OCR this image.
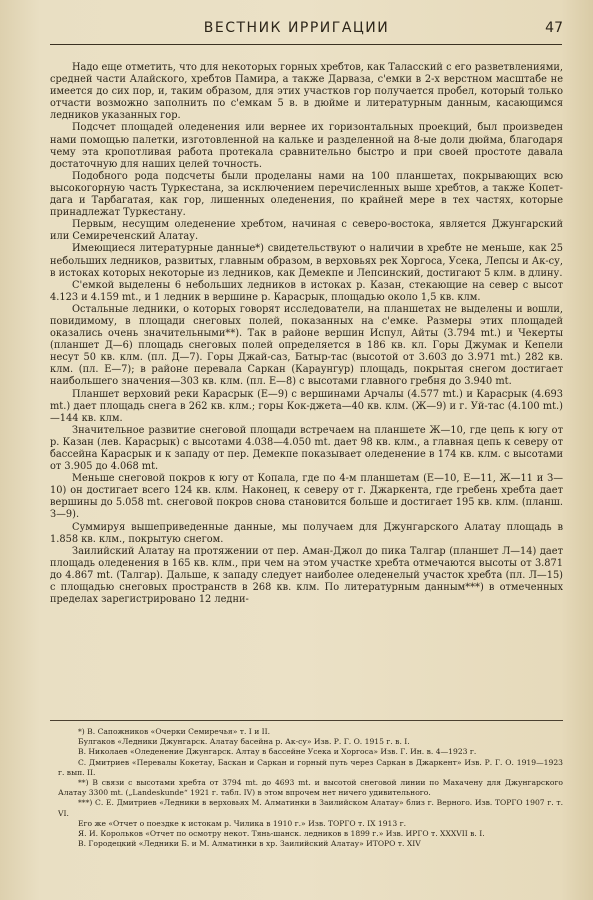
ВЕСТНИК ИРРИГАЦИИ	47

Надо еще отметить, что для некоторых горных хребтов, как Таласский с его разветвлениями, средней части Алайского, хребтов Памира, а также Дарваза, с'емки в 2-х верстном масштабе не имеется до сих пор, и, таким образом, для этих участков гор получается пробел, который только отчасти возможно заполнить по с'емкам 5 в. в дюйме и литературным данным, касающимся ледников указанных гор.

Подсчет площадей оледенения или вернее их горизонтальных проекций, был произведен нами помощью палетки, изготовленной на кальке и разделенной на 8-ые доли дюйма, благодаря чему эта кропотливая работа протекала сравнительно быстро и при своей простоте давала достаточную для наших целей точность.

Подобного рода подсчеты были проделаны нами на 100 планшетах, покрывающих всю высокогорную часть Туркестана, за исключением перечисленных выше хребтов, а также Копет-дага и Тарбагатая, как гор, лишенных оледенения, по крайней мере в тех частях, которые принадлежат Туркестану.

Первым, несущим оледенение хребтом, начиная с северо-востока, является Джунгарский или Семиреченский Алатау.

Имеющиеся литературные данные*) свидетельствуют о наличии в хребте не меньше, как 25 небольших ледников, развитых, главным образом, в верховьях рек Хоргоса, Усека, Лепсы и Ак-су, в истоках которых некоторые из ледников, как Демекпе и Лепсинский, достигают 5 клм. в длину.

С'емкой выделены 6 небольших ледников в истоках р. Казан, стекающие на север с высот 4.123 и 4.159 mt., и 1 ледник в вершине р. Карасрык, площадью около 1,5 кв. клм.

Остальные ледники, о которых говорят исследователи, на планшетах не выделены и вошли, повидимому, в площади снеговых полей, показанных на с'емке. Размеры этих площадей оказались очень значительными**). Так в районе вершин Испул, Айты (3.794 mt.) и Чекерты (планшет Д—6) площадь снеговых полей определяется в 186 кв. кл. Горы Джумак и Кепели несут 50 кв. клм. (пл. Д—7). Горы Джай-саз, Батыр-тас (высотой от 3.603 до 3.971 mt.) 282 кв. клм. (пл. Е—7); в районе перевала Саркан (Караунгур) площадь, покрытая снегом достигает наибольшего значения—303 кв. клм. (пл. Е—8) с высотами главного гребня до 3.940 mt.

Планшет верховий реки Карасрык (Е—9) с вершинами Арчалы (4.577 mt.) и Карасрык (4.693 mt.) дает площадь снега в 262 кв. клм.; горы Кок-джета—40 кв. клм. (Ж—9) и г. Уй-тас (4.100 mt.)—144 кв. клм.

Значительное развитие снеговой площади встречаем на планшете Ж—10, где цепь к югу от р. Казан (лев. Карасрык) с высотами 4.038—4.050 mt. дает 98 кв. клм., а главная цепь к северу от бассейна Карасрык и к западу от пер. Демекпе показывает оледенение в 174 кв. клм. с высотами от 3.905 до 4.068 mt.

Меньше снеговой покров к югу от Копала, где по 4-м планшетам (Е—10, Е—11, Ж—11 и З—10) он достигает всего 124 кв. клм. Наконец, к северу от г. Джаркента, где гребень хребта дает вершины до 5.058 mt. снеговой покров снова становится больше и достигает 195 кв. клм. (планш. З—9).

Суммируя вышеприведенные данные, мы получаем для Джунгарского Алатау площадь в 1.858 кв. клм., покрытую снегом.

Заилийский Алатау на протяжении от пер. Аман-Джол до пика Талгар (планшет Л—14) дает площадь оледенения в 165 кв. клм., при чем на этом участке хребта отмечаются высоты от 3.871 до 4.867 mt. (Талгар). Дальше, к западу следует наиболее оледенелый участок хребта (пл. Л—15) с площадью снеговых пространств в 268 кв. клм. По литературным данным***) в отмеченных пределах зарегистрировано 12 ледни-

*) В. Сапожников «Очерки Семиречья» т. I и II.

Булгаков «Ледники Джунгарск. Алатау басейна р. Ак-су» Изв. Р. Г. О. 1915 г. в. I.

В. Николаев «Оледенение Джунгарск. Алтау в бассейне Усека и Хоргоса» Изв. Г. Ин. в. 4—1923 г.

С. Дмитриев «Перевалы Кокетау, Баскан и Саркан и горный путь через Саркан в Джаркент» Изв. Р. Г. О. 1919—1923 г. вып. II.

**) В связи с высотами хребта от 3794 mt. до 4693 mt. и высотой снеговой линии по Махачену для Джунгарского Алатау 3300 mt. („Landeskunde“ 1921 г. табл. IV) в этом впрочем нет ничего удивительного.

***) С. Е. Дмитриев «Ледники в верховьях М. Алматинки в Заилийском Алатау» близ г. Верного. Изв. ТОРГО 1907 г. т. VI.

Его же «Отчет о поездке к истокам р. Чилика в 1910 г.» Изв. ТОРГО т. IX 1913 г.

Я. И. Корольков «Отчет по осмотру некот. Тянь-шанск. ледников в 1899 г.» Изв. ИРГО т. XXXVII в. I.

В. Городецкий «Ледники Б. и М. Алматинки в хр. Заилийский Алатау» ИТОРО т. XIV
